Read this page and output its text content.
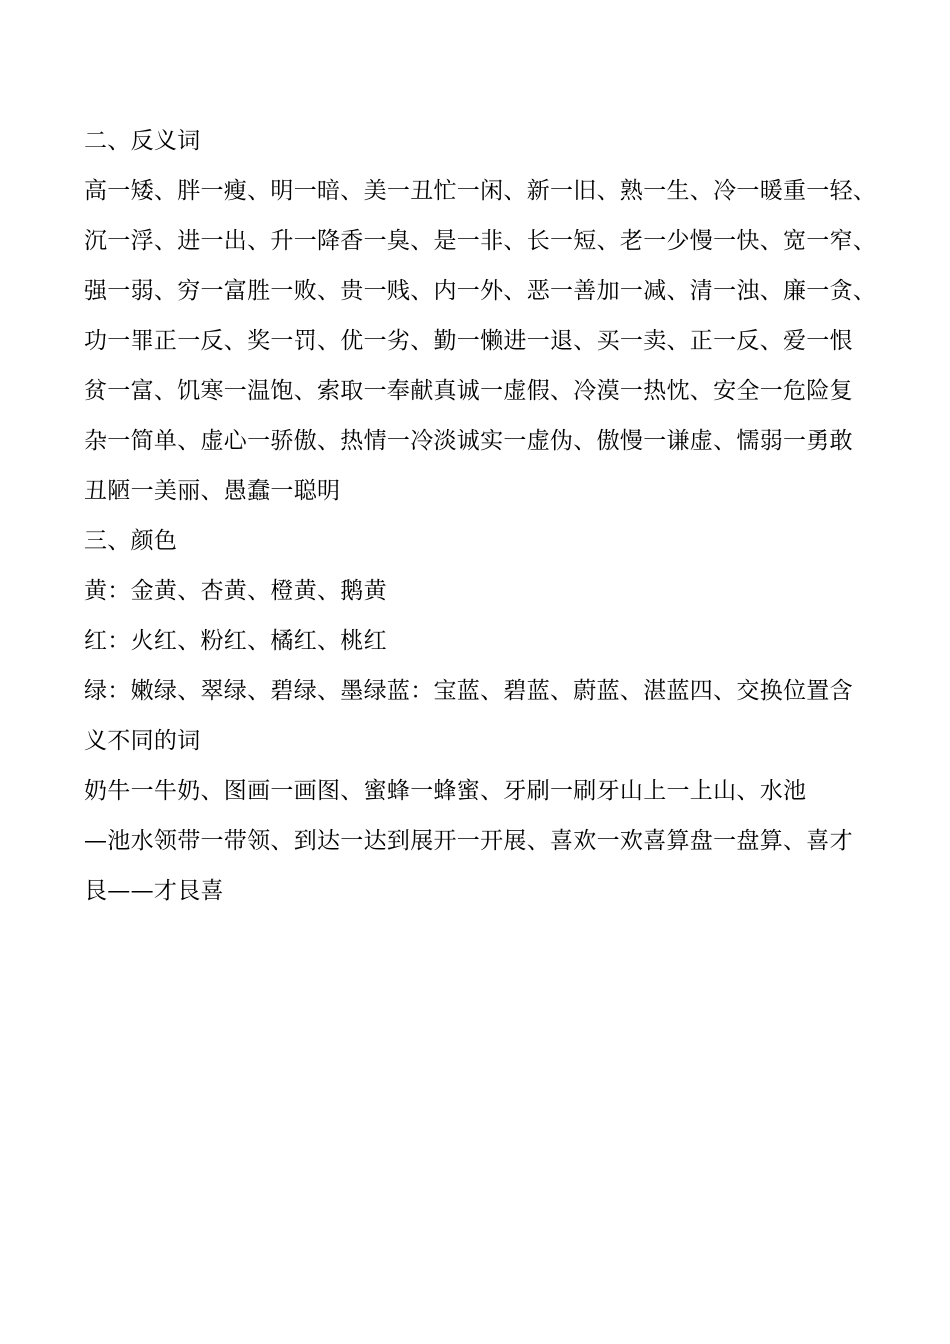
二、反义词
高一矮、胖一瘦、明一暗、美一丑忙一闲、新一旧、熟一生、冷一暖重一轻、
沉一浮、进一出、升一降香一臭、是一非、长一短、老一少慢一快、宽一窄、
强一弱、穷一富胜一败、贵一贱、内一外、恶一善加一减、清一浊、廉一贪、
功一罪正一反、奖一罚、优一劣、勤一懒进一退、买一卖、正一反、爱一恨
贫一富、饥寒一温饱、索取一奉献真诚一虚假、冷漠一热忱、安全一危险复
杂一简单、虚心一骄傲、热情一冷淡诚实一虚伪、傲慢一谦虚、懦弱一勇敢
丑陋一美丽、愚蠢一聪明
三、颜色
黄：金黄、杏黄、橙黄、鹅黄
红：火红、粉红、橘红、桃红
绿：嫩绿、翠绿、碧绿、墨绿蓝：宝蓝、碧蓝、蔚蓝、湛蓝四、交换位置含
义不同的词
奶牛一牛奶、图画一画图、蜜蜂一蜂蜜、牙刷一刷牙山上一上山、水池
—池水领带一带领、到达一达到展开一开展、喜欢一欢喜算盘一盘算、喜才
艮——才艮喜
